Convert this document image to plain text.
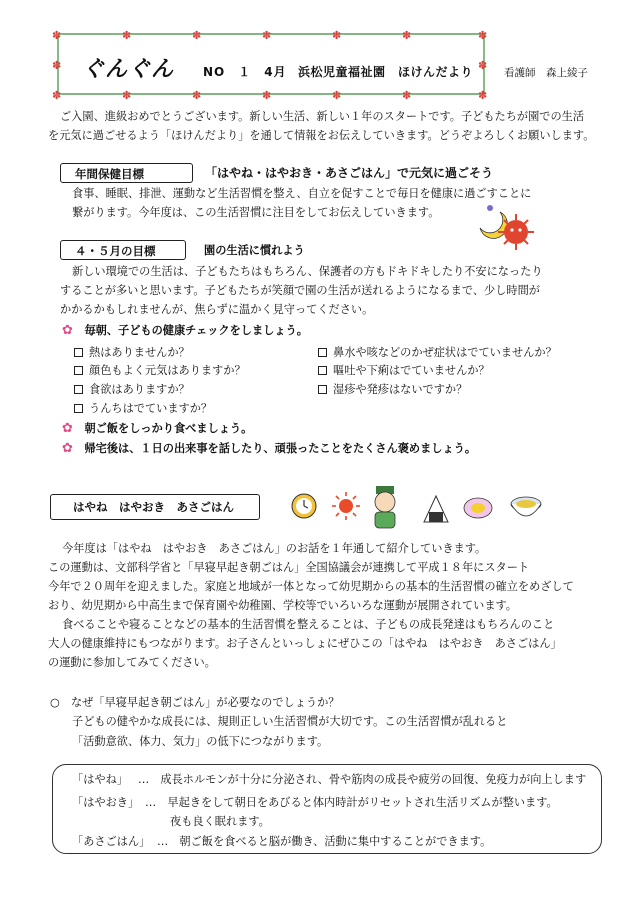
✽	✽	✽	✽	✽	✽	✽
✽	✽	✽	✽	✽	✽	✽
✽	✽
ぐんぐん NO　１　4月 浜松児童福祉園　ほけんだより	看護師　森上綾子
ご入園、進級おめでとうございます。新しい生活、新しい１年のスタートです。子どもたちが園での生活
を元気に過ごせるよう「ほけんだより」を通して情報をお伝えしていきます。どうぞよろしくお願いします。
年間保健目標	「はやね・はやおき・あさごはん」で元気に過ごそう
食事、睡眠、排泄、運動など生活習慣を整え、自立を促すことで毎日を健康に過ごすことに
繋がります。今年度は、この生活習慣に注目をしてお伝えしていきます。
４・５月の目標	園の生活に慣れよう
新しい環境での生活は、子どもたちはもちろん、保護者の方もドキドキしたり不安になったり
することが多いと思います。子どもたちが笑顔で園の生活が送れるようになるまで、少し時間が
かかるかもしれませんが、焦らずに温かく見守ってください。
✿ 毎朝、子どもの健康チェックをしましょう。
熱はありませんか？
顔色もよく元気はありますか？
食欲はありますか？
うんちはでていますか？
鼻水や咳などのかぜ症状はでていませんか？
嘔吐や下痢はでていませんか？
湿疹や発疹はないですか？
✿ 朝ご飯をしっかり食べましょう。
✿ 帰宅後は、１日の出来事を話したり、頑張ったことをたくさん褒めましょう。
はやね　はやおき　あさごはん
今年度は「はやね　はやおき　あさごはん」のお話を１年通して紹介していきます。
この運動は、文部科学省と「早寝早起き朝ごはん」全国協議会が連携して平成１８年にスタート
今年で２０周年を迎えました。家庭と地域が一体となって幼児期からの基本的生活習慣の確立をめざして
おり、幼児期から中高生まで保育園や幼稚園、学校等でいろいろな運動が展開されています。
食べることや寝ることなどの基本的生活習慣を整えることは、子どもの成長発達はもちろんのこと
大人の健康維持にもつながります。お子さんといっしょにぜひこの「はやね　はやおき　あさごはん」
の運動に参加してみてください。
○　なぜ「早寝早起き朝ごはん」が必要なのでしょうか？
子どもの健やかな成長には、規則正しい生活習慣が大切です。この生活習慣が乱れると
「活動意欲、体力、気力」の低下につながります。
「はやね」 …　成長ホルモンが十分に分泌され、骨や筋肉の成長や疲労の回復、免疫力が向上します
「はやおき」 …　早起きをして朝日をあびると体内時計がリセットされ生活リズムが整います。
夜も良く眠れます。
「あさごはん」 …　朝ご飯を食べると脳が働き、活動に集中することができます。
